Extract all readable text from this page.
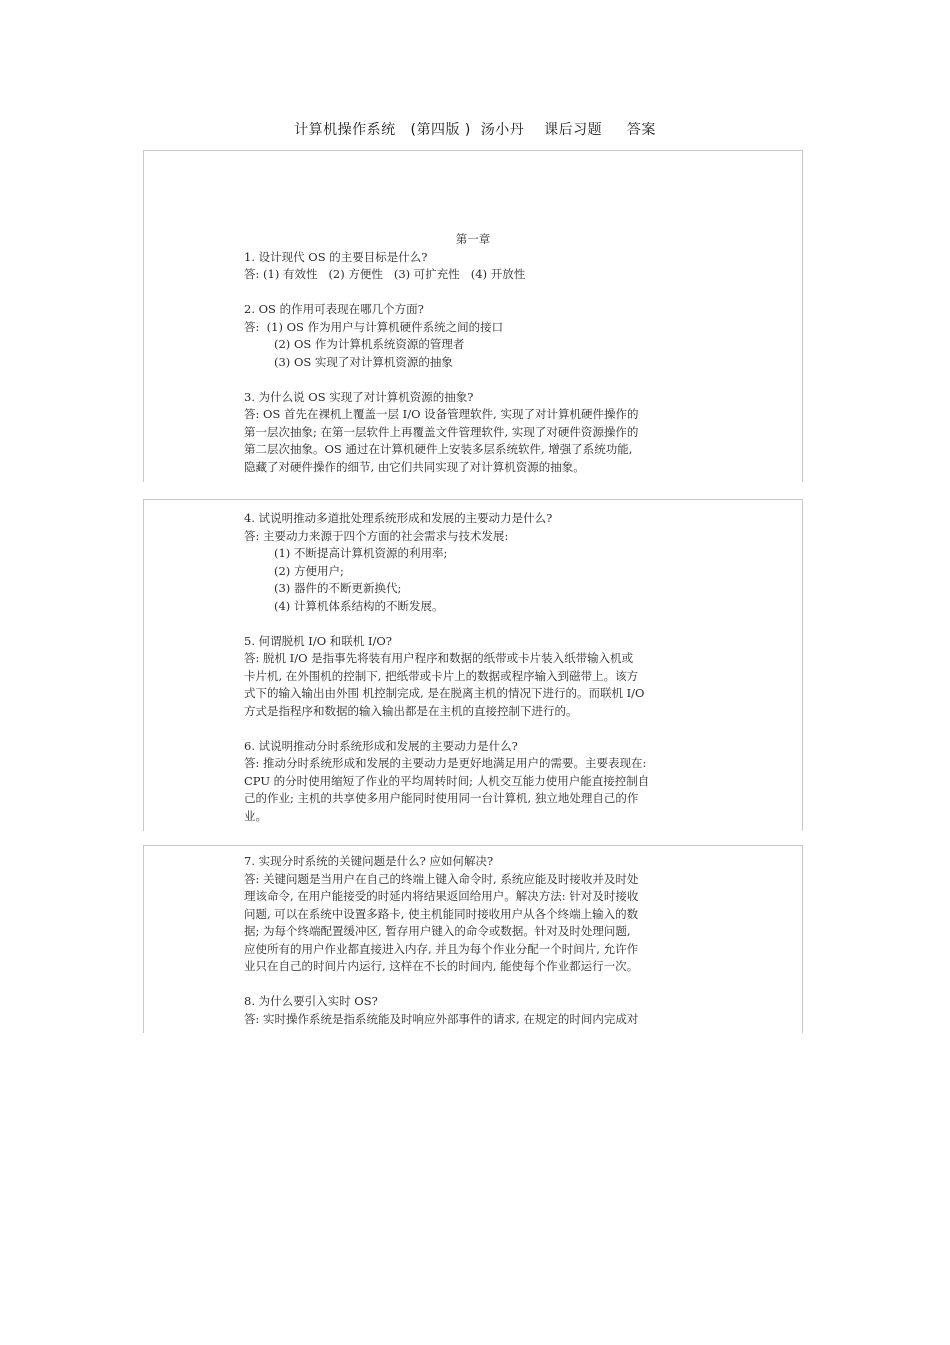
计算机操作系统   (第四版 )  汤小丹    课后习题     答案
第一章
1. 设计现代 OS 的主要目标是什么?
答: (1) 有效性   (2) 方便性   (3) 可扩充性   (4) 开放性
2. OS 的作用可表现在哪几个方面?
答:  (1) OS 作为用户与计算机硬件系统之间的接口
(2) OS 作为计算机系统资源的管理者
(3) OS 实现了对计算机资源的抽象
3. 为什么说 OS 实现了对计算机资源的抽象?
答: OS 首先在裸机上覆盖一层 I/O 设备管理软件, 实现了对计算机硬件操作的
第一层次抽象; 在第一层软件上再覆盖文件管理软件, 实现了对硬件资源操作的
第二层次抽象。OS 通过在计算机硬件上安装多层系统软件, 增强了系统功能,
隐藏了对硬件操作的细节, 由它们共同实现了对计算机资源的抽象。
4. 试说明推动多道批处理系统形成和发展的主要动力是什么?
答: 主要动力来源于四个方面的社会需求与技术发展:
(1) 不断提高计算机资源的利用率;
(2) 方便用户;
(3) 器件的不断更新换代;
(4) 计算机体系结构的不断发展。
5. 何谓脱机 I/O 和联机 I/O?
答: 脱机 I/O 是指事先将装有用户程序和数据的纸带或卡片装入纸带输入机或
卡片机, 在外围机的控制下, 把纸带或卡片上的数据或程序输入到磁带上。该方
式下的输入输出由外围 机控制完成, 是在脱离主机的情况下进行的。而联机 I/O
方式是指程序和数据的输入输出都是在主机的直接控制下进行的。
6. 试说明推动分时系统形成和发展的主要动力是什么?
答: 推动分时系统形成和发展的主要动力是更好地满足用户的需要。主要表现在:
CPU 的分时使用缩短了作业的平均周转时间; 人机交互能力使用户能直接控制自
己的作业; 主机的共享使多用户能同时使用同一台计算机, 独立地处理自己的作
业。
7. 实现分时系统的关键问题是什么? 应如何解决?
答: 关键问题是当用户在自己的终端上键入命令时, 系统应能及时接收并及时处
理该命令, 在用户能接受的时延内将结果返回给用户。解决方法: 针对及时接收
问题, 可以在系统中设置多路卡, 使主机能同时接收用户从各个终端上输入的数
据; 为每个终端配置缓冲区, 暂存用户键入的命令或数据。针对及时处理问题,
应使所有的用户作业都直接进入内存, 并且为每个作业分配一个时间片, 允许作
业只在自己的时间片内运行, 这样在不长的时间内, 能使每个作业都运行一次。
8. 为什么要引入实时 OS?
答: 实时操作系统是指系统能及时响应外部事件的请求, 在规定的时间内完成对
